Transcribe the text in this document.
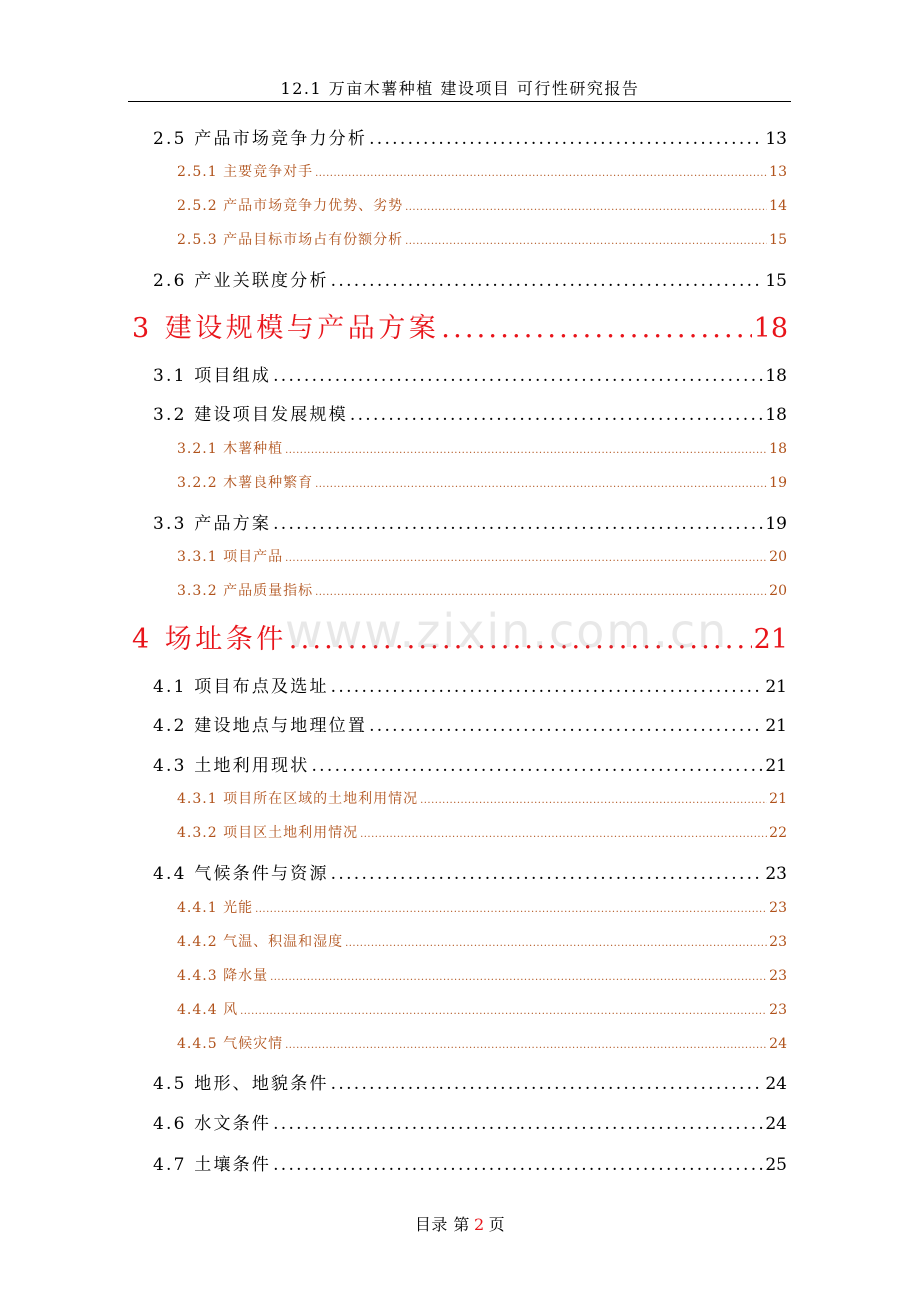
12.1 万亩木薯种植 建设项目 可行性研究报告
2.5 产品市场竞争力分析 .....	13
2.5.1 主要竞争对手 .....	13
2.5.2 产品市场竞争力优势、劣势 .....	14
2.5.3 产品目标市场占有份额分析 .....	15
2.6 产业关联度分析 .....	15
3 建设规模与产品方案 .....	18
3.1 项目组成 .....	18
3.2 建设项目发展规模 .....	18
3.2.1 木薯种植 .....	18
3.2.2 木薯良种繁育 .....	19
3.3 产品方案 .....	19
3.3.1 项目产品 .....	20
3.3.2 产品质量指标 .....	20
4 场址条件 .....	21
4.1 项目布点及选址 .....	21
4.2 建设地点与地理位置 .....	21
4.3 土地利用现状 .....	21
4.3.1 项目所在区域的土地利用情况 .....	21
4.3.2 项目区土地利用情况 .....	22
4.4 气候条件与资源 .....	23
4.4.1 光能 .....	23
4.4.2 气温、积温和湿度 .....	23
4.4.3 降水量 .....	23
4.4.4 风 .....	23
4.4.5 气候灾情 .....	24
4.5 地形、地貌条件 .....	24
4.6 水文条件 .....	24
4.7 土壤条件 .....	25
www.zixin.com.cn
目录 第 2 页
